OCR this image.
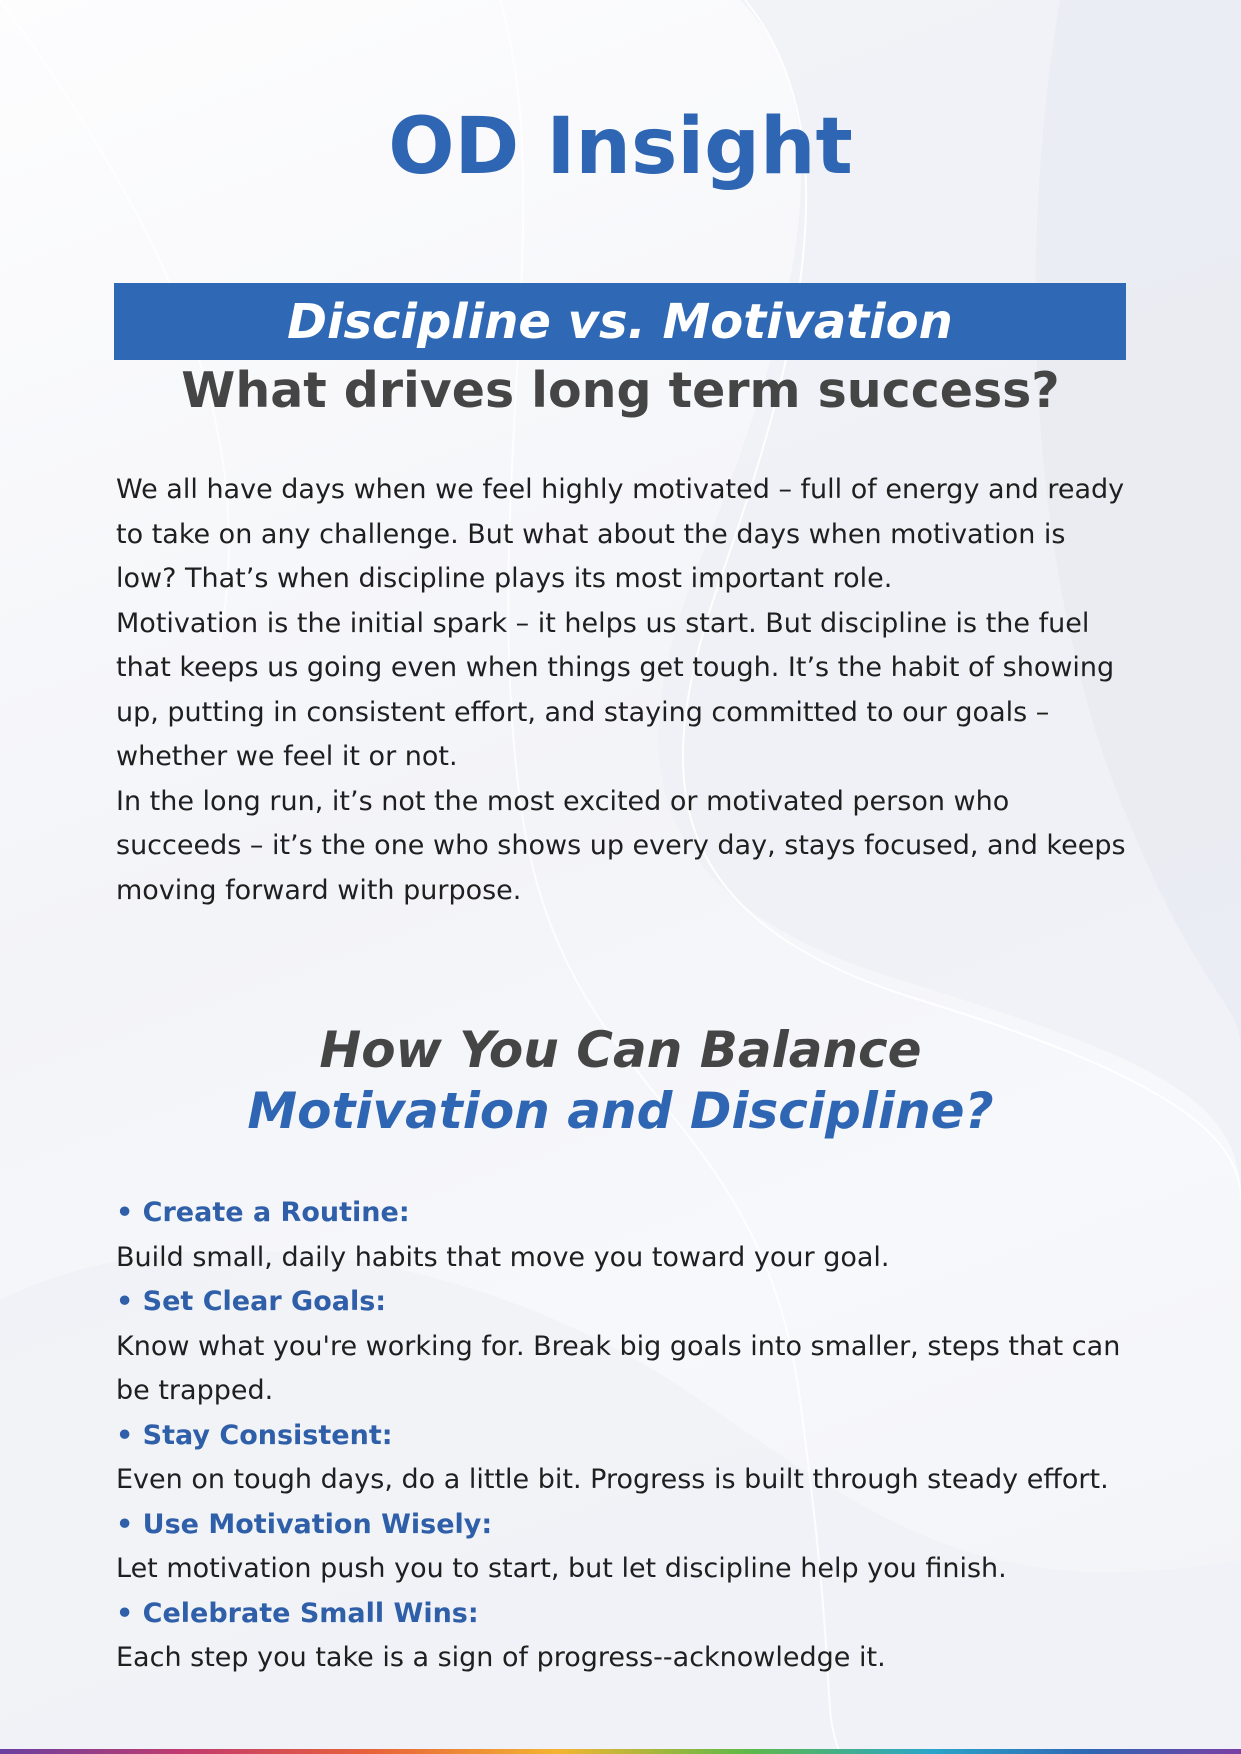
OD Insight
Discipline vs. Motivation
What drives long term success?

We all have days when we feel highly motivated – full of energy and ready to take on any challenge. But what about the days when motivation is low? That’s when discipline plays its most important role.

Motivation is the initial spark – it helps us start. But discipline is the fuel that keeps us going even when things get tough. It’s the habit of showing up, putting in consistent effort, and staying committed to our goals – whether we feel it or not.

In the long run, it’s not the most excited or motivated person who succeeds – it’s the one who shows up every day, stays focused, and keeps moving forward with purpose.

How You Can Balance
Motivation and Discipline?
• Create a Routine:
Build small, daily habits that move you toward your goal.
• Set Clear Goals:
Know what you're working for. Break big goals into smaller, steps that can be trapped.
• Stay Consistent:
Even on tough days, do a little bit. Progress is built through steady effort.
• Use Motivation Wisely:
Let motivation push you to start, but let discipline help you finish.
• Celebrate Small Wins:
Each step you take is a sign of progress--acknowledge it.
